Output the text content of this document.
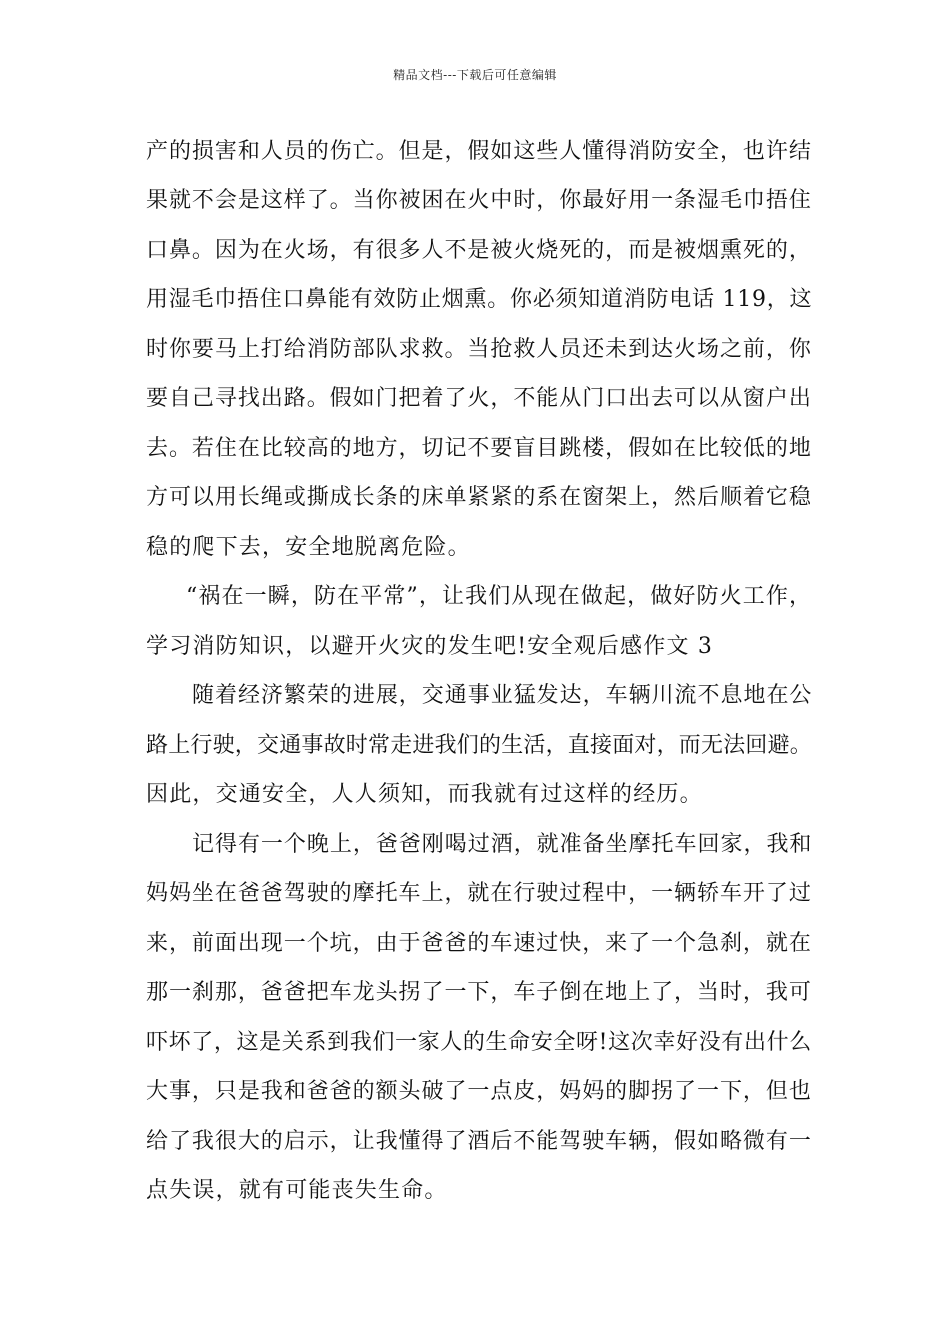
精品文档---下载后可任意编辑
产的损害和人员的伤亡。但是，假如这些人懂得消防安全，也许结
果就不会是这样了。当你被困在火中时，你最好用一条湿毛巾捂住
口鼻。因为在火场，有很多人不是被火烧死的，而是被烟熏死的，
用湿毛巾捂住口鼻能有效防止烟熏。你必须知道消防电话 119，这
时你要马上打给消防部队求救。当抢救人员还未到达火场之前，你
要自己寻找出路。假如门把着了火，不能从门口出去可以从窗户出
去。若住在比较高的地方，切记不要盲目跳楼，假如在比较低的地
方可以用长绳或撕成长条的床单紧紧的系在窗架上，然后顺着它稳
稳的爬下去，安全地脱离危险。
“祸在一瞬，防在平常”，让我们从现在做起，做好防火工作，
学习消防知识，以避开火灾的发生吧!安全观后感作文 3
随着经济繁荣的进展，交通事业猛发达，车辆川流不息地在公
路上行驶，交通事故时常走进我们的生活，直接面对，而无法回避。
因此，交通安全，人人须知，而我就有过这样的经历。
记得有一个晚上，爸爸刚喝过酒，就准备坐摩托车回家，我和
妈妈坐在爸爸驾驶的摩托车上，就在行驶过程中，一辆轿车开了过
来，前面出现一个坑，由于爸爸的车速过快，来了一个急刹，就在
那一刹那，爸爸把车龙头拐了一下，车子倒在地上了，当时，我可
吓坏了，这是关系到我们一家人的生命安全呀!这次幸好没有出什么
大事，只是我和爸爸的额头破了一点皮，妈妈的脚拐了一下，但也
给了我很大的启示，让我懂得了酒后不能驾驶车辆，假如略微有一
点失误，就有可能丧失生命。
